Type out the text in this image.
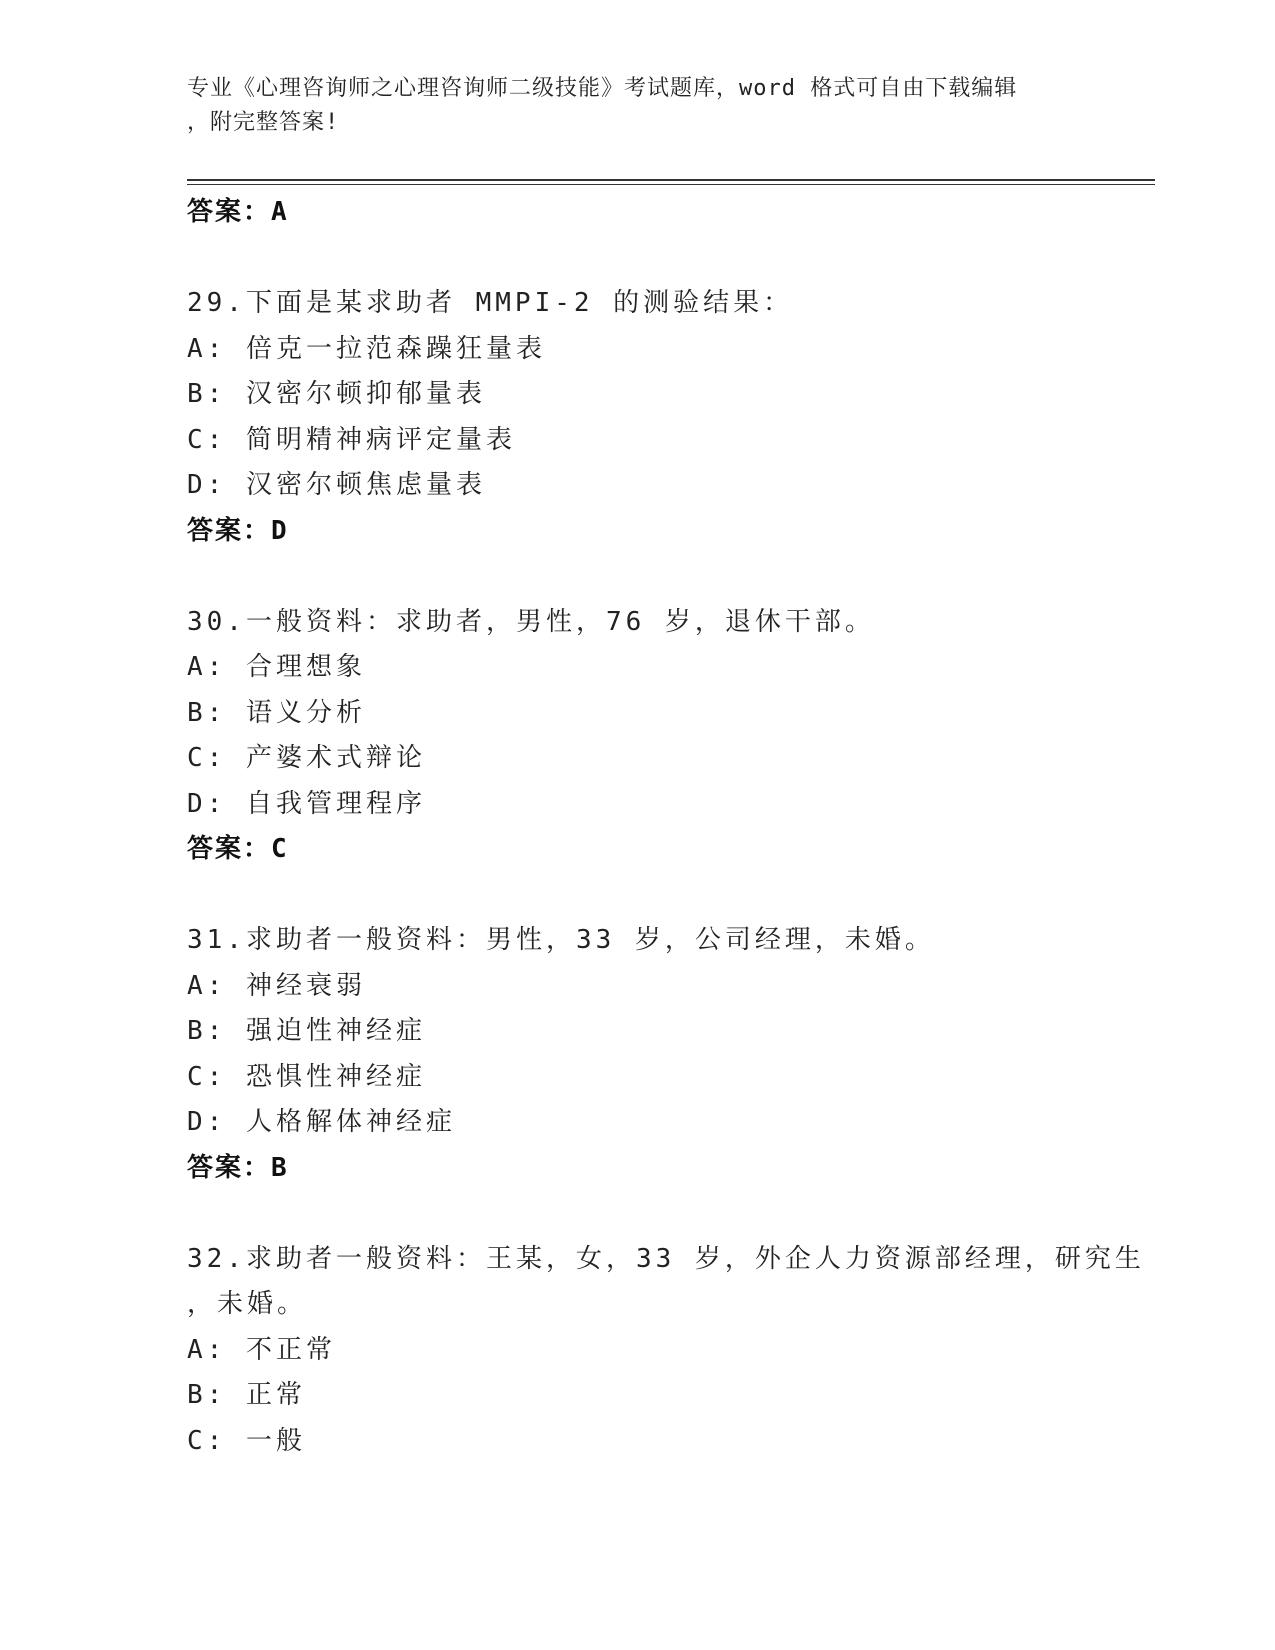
专业《心理咨询师之心理咨询师二级技能》考试题库，word 格式可自由下载编辑
，附完整答案!
答案：A
29.下面是某求助者 MMPI-2 的测验结果：
A: 倍克一拉范森躁狂量表
B: 汉密尔顿抑郁量表
C: 简明精神病评定量表
D: 汉密尔顿焦虑量表
答案：D
30.一般资料：求助者，男性，76 岁，退休干部。
A: 合理想象
B: 语义分析
C: 产婆术式辩论
D: 自我管理程序
答案：C
31.求助者一般资料：男性，33 岁，公司经理，未婚。
A: 神经衰弱
B: 强迫性神经症
C: 恐惧性神经症
D: 人格解体神经症
答案：B
32.求助者一般资料：王某，女，33 岁，外企人力资源部经理，研究生
，未婚。
A: 不正常
B: 正常
C: 一般
